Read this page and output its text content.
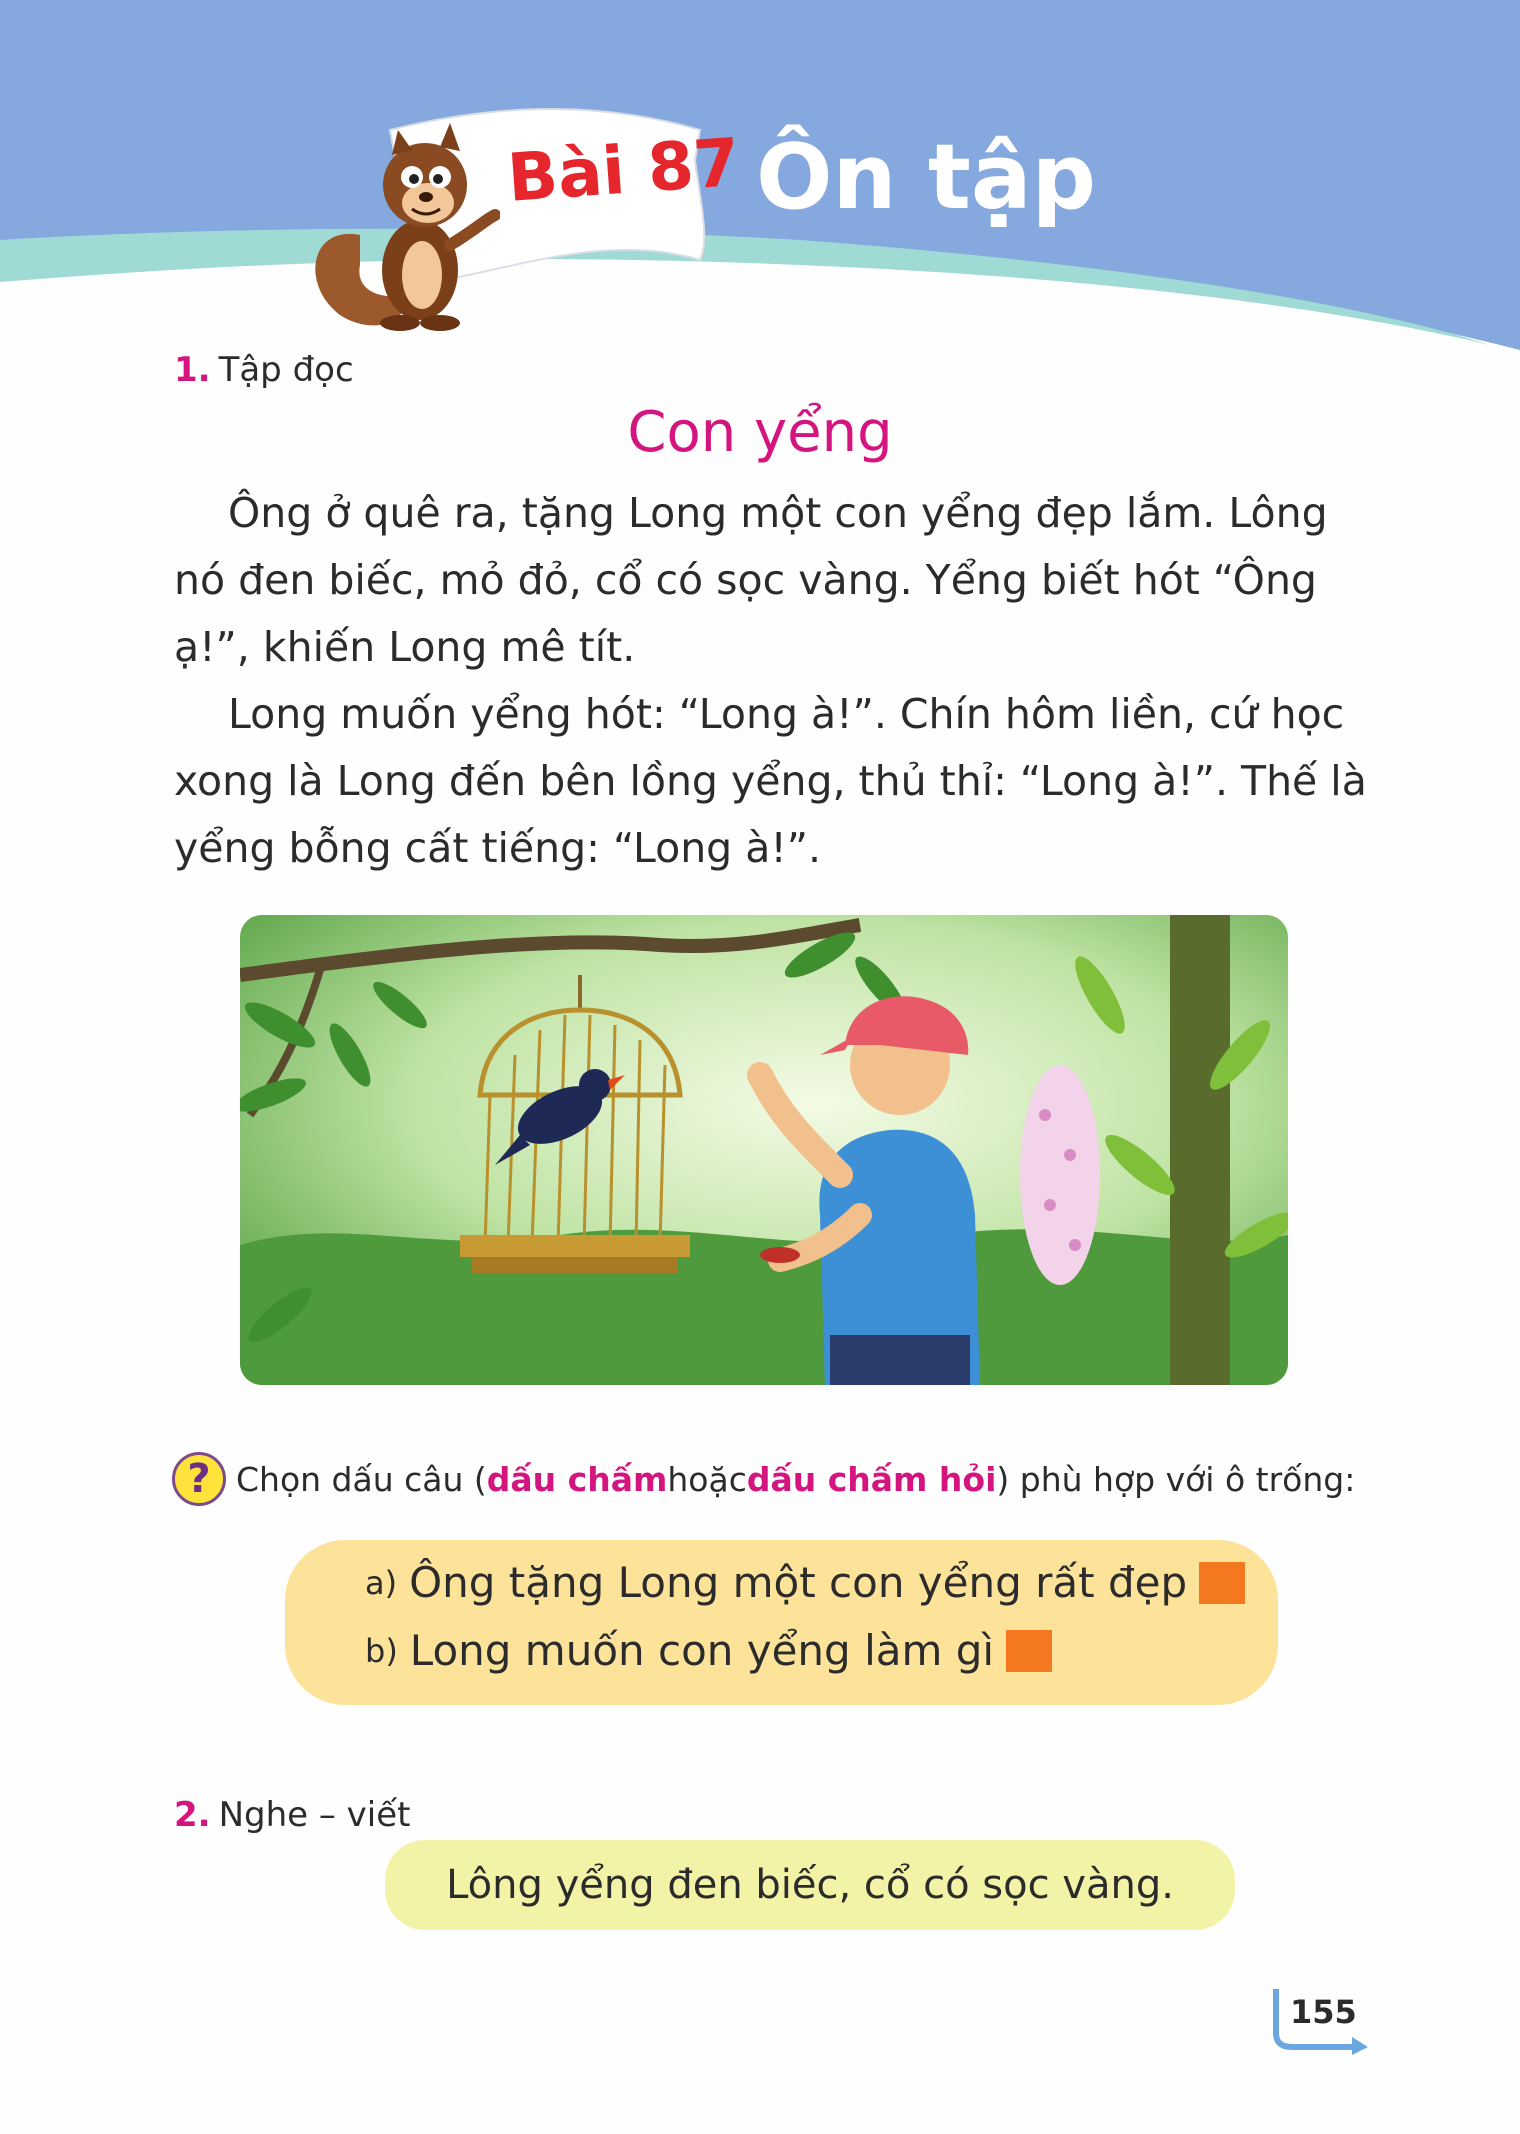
Bài 87 Ôn tập
1. Tập đọc
Con yểng

Ông ở quê ra, tặng Long một con yểng đẹp lắm. Lông nó đen biếc, mỏ đỏ, cổ có sọc vàng. Yểng biết hót “Ông ạ!”, khiến Long mê tít.

Long muốn yểng hót: “Long à!”. Chín hôm liền, cứ học xong là Long đến bên lồng yểng, thủ thỉ: “Long à!”. Thế là yểng bỗng cất tiếng: “Long à!”.

? Chọn dấu câu ( dấu chấm hoặc dấu chấm hỏi ) phù hợp với ô trống:
a) Ông tặng Long một con yểng rất đẹp
b) Long muốn con yểng làm gì
2. Nghe – viết
Lông yểng đen biếc, cổ có sọc vàng.
155
